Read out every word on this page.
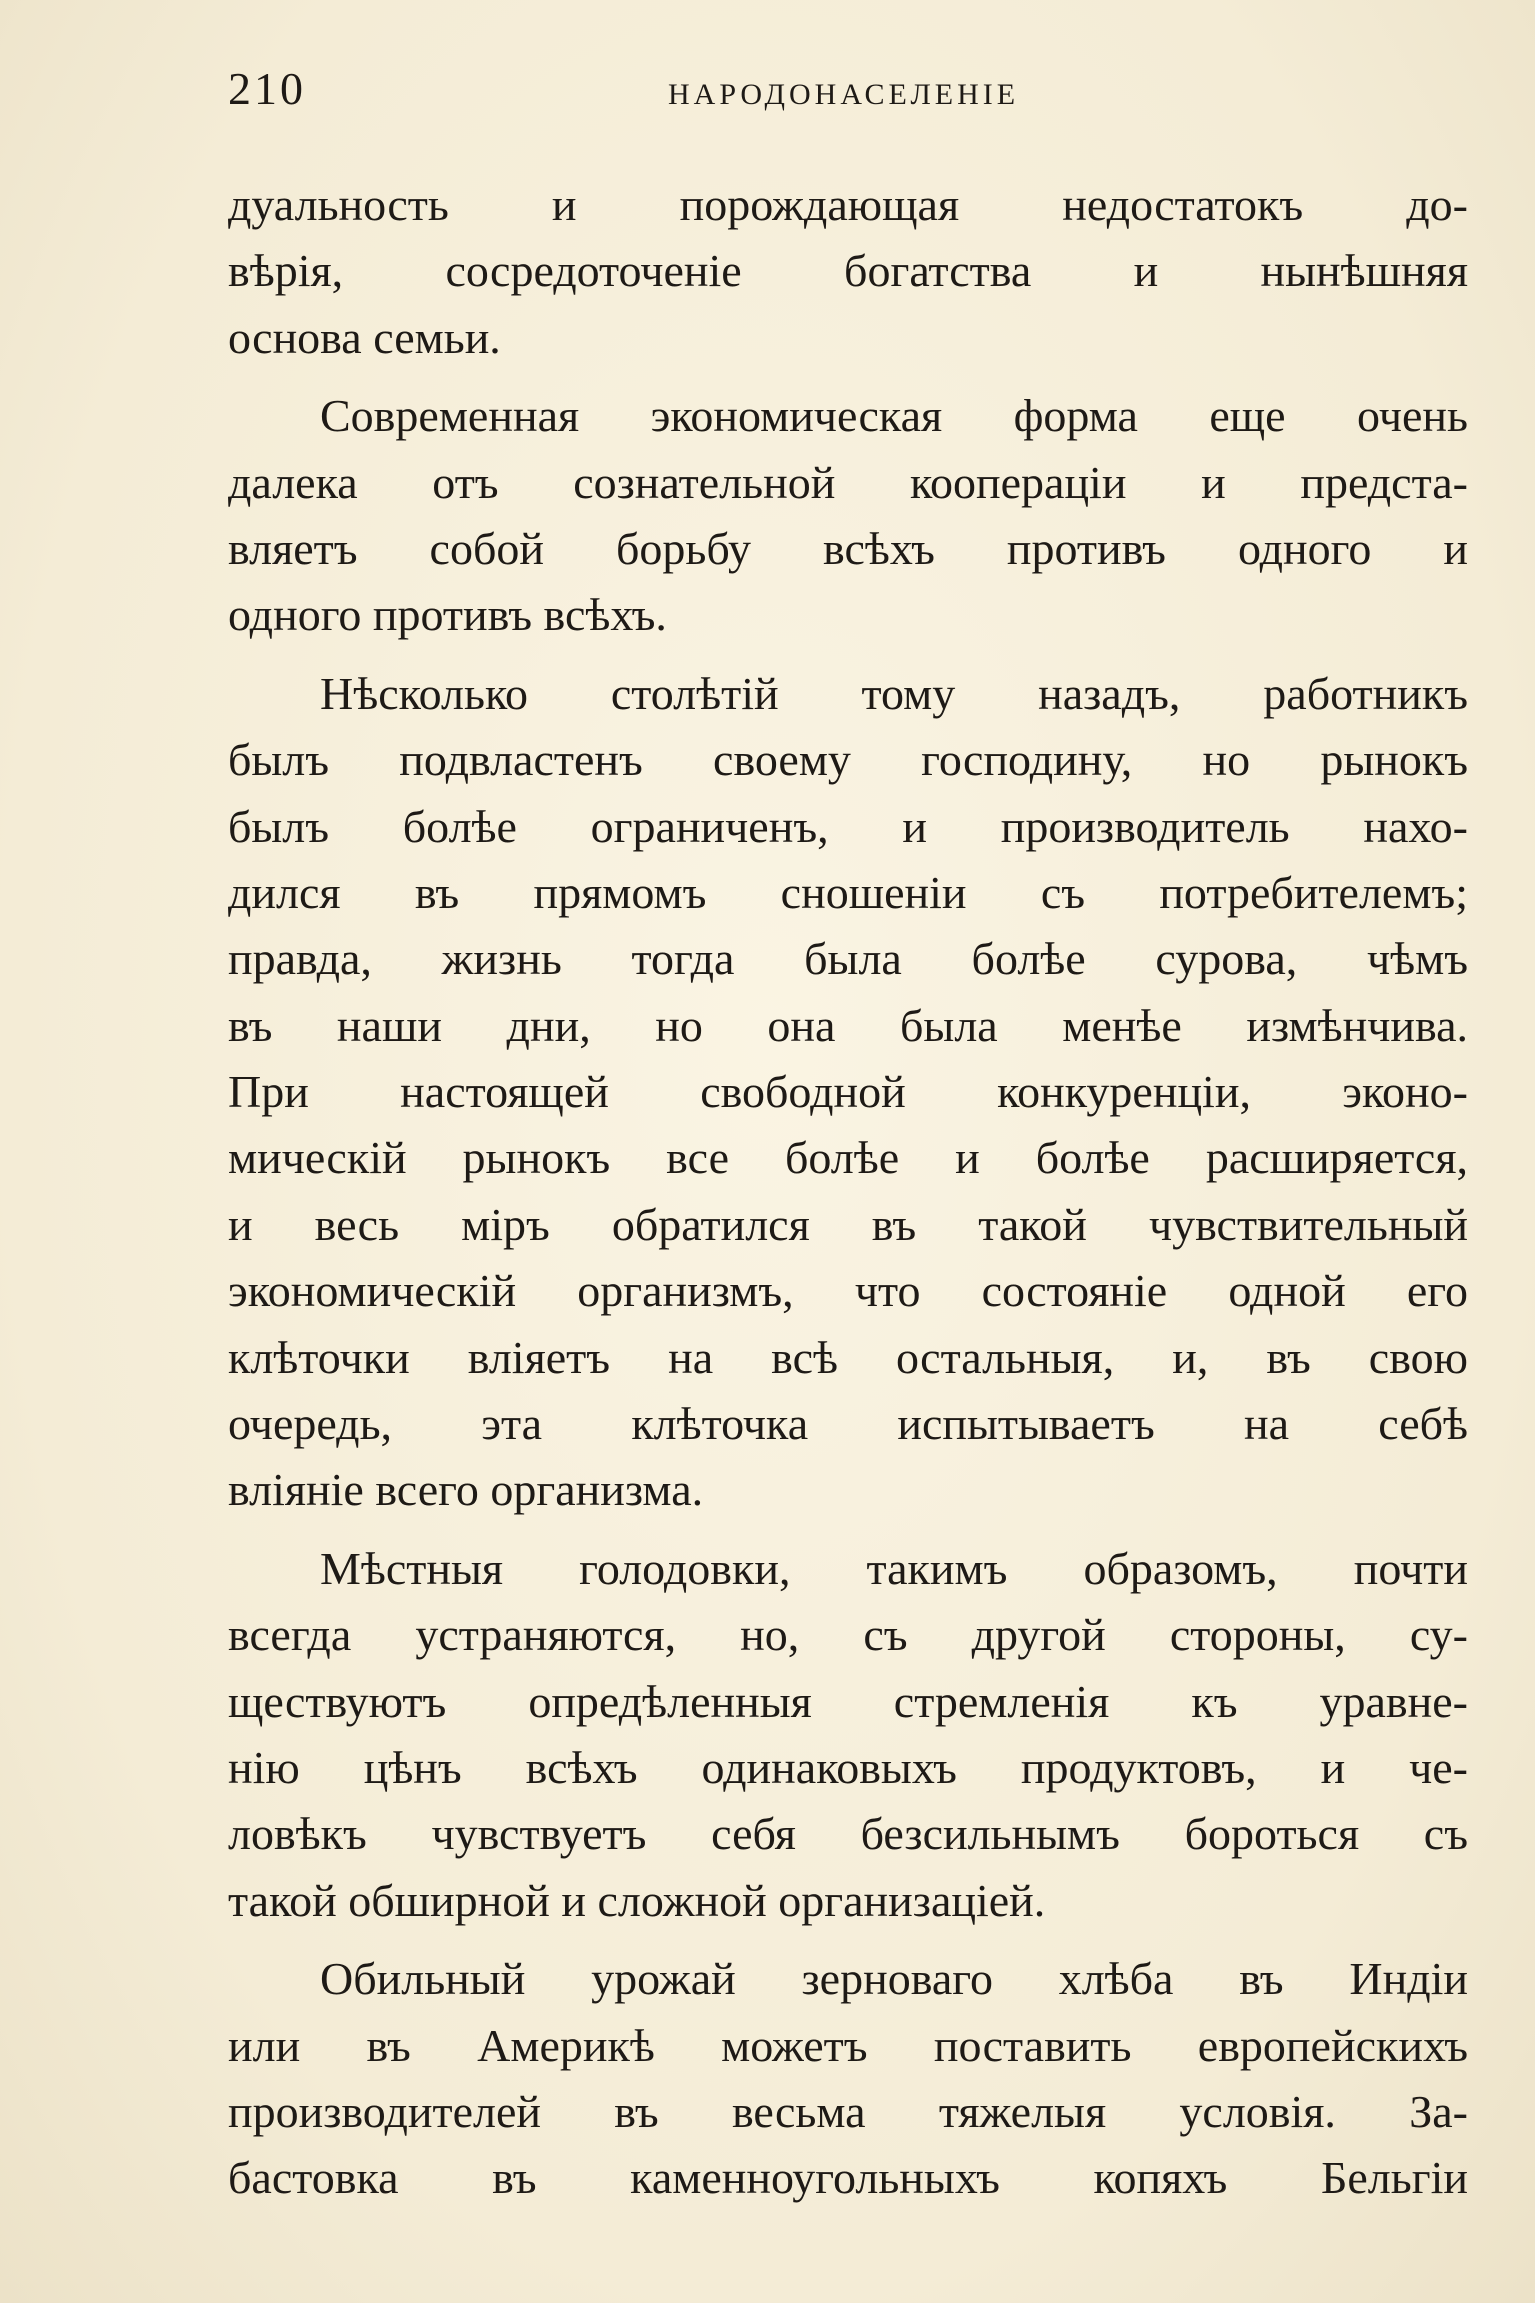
210	НАРОДОНАСЕЛЕНІЕ
дуальность и порождающая недостатокъ до-
вѣрія, сосредоточеніе богатства и нынѣшняя
основа семьи.
Современная экономическая форма еще очень
далека отъ сознательной коопераціи и предста-
вляетъ собой борьбу всѣхъ противъ одного и
одного противъ всѣхъ.
Нѣсколько столѣтій тому назадъ, работникъ
былъ подвластенъ своему господину, но рынокъ
былъ болѣе ограниченъ, и производитель нахо-
дился въ прямомъ сношеніи съ потребителемъ;
правда, жизнь тогда была болѣе сурова, чѣмъ
въ наши дни, но она была менѣе измѣнчива.
При настоящей свободной конкуренціи, эконо-
мическій рынокъ все болѣе и болѣе расширяется,
и весь міръ обратился въ такой чувствительный
экономическій организмъ, что состояніе одной его
клѣточки вліяетъ на всѣ остальныя, и, въ свою
очередь, эта клѣточка испытываетъ на себѣ
вліяніе всего организма.
Мѣстныя голодовки, такимъ образомъ, почти
всегда устраняются, но, съ другой стороны, су-
ществуютъ опредѣленныя стремленія къ уравне-
нію цѣнъ всѣхъ одинаковыхъ продуктовъ, и че-
ловѣкъ чувствуетъ себя безсильнымъ бороться съ
такой обширной и сложной организаціей.
Обильный урожай зерноваго хлѣба въ Индіи
или въ Америкѣ можетъ поставить европейскихъ
производителей въ весьма тяжелыя условія. За-
бастовка въ каменноугольныхъ копяхъ Бельгіи
